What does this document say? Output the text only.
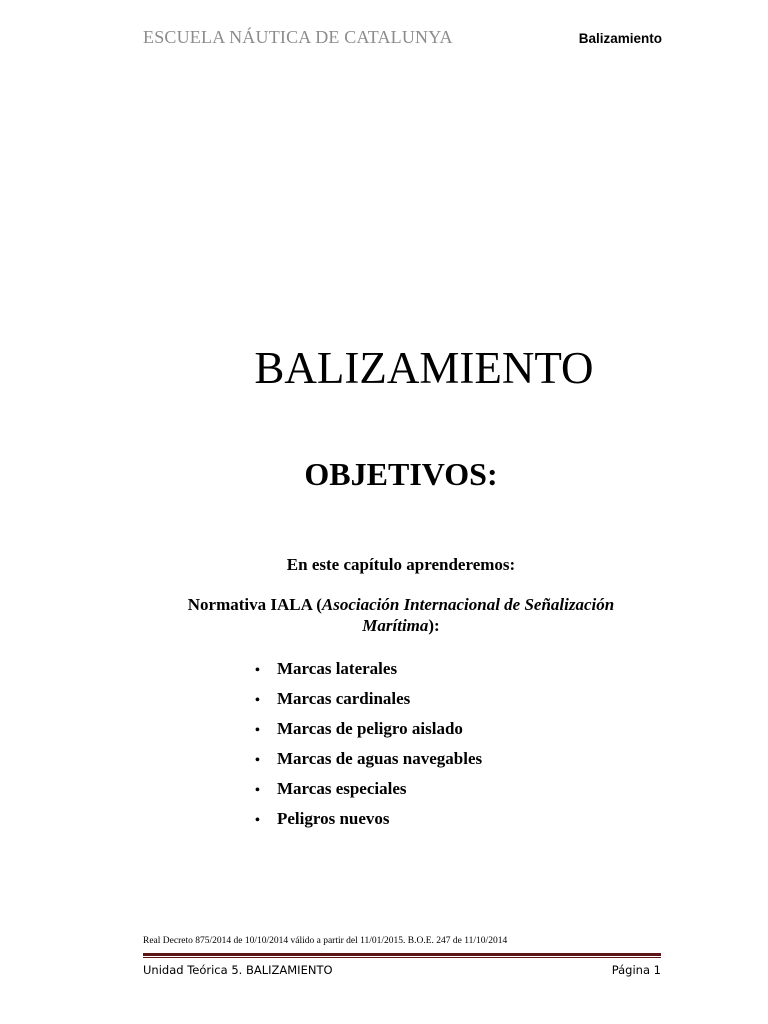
ESCUELA NÁUTICA DE CATALUNYA	Balizamiento
BALIZAMIENTO
OBJETIVOS:
En este capítulo aprenderemos:
Normativa IALA (Asociación Internacional de Señalización Marítima):
•	Marcas laterales
•	Marcas cardinales
•	Marcas de peligro aislado
•	Marcas de aguas navegables
•	Marcas especiales
•	Peligros nuevos
Real Decreto 875/2014 de 10/10/2014 válido a partir del 11/01/2015. B.O.E. 247 de 11/10/2014
Unidad Teórica 5. BALIZAMIENTO	Página 1
